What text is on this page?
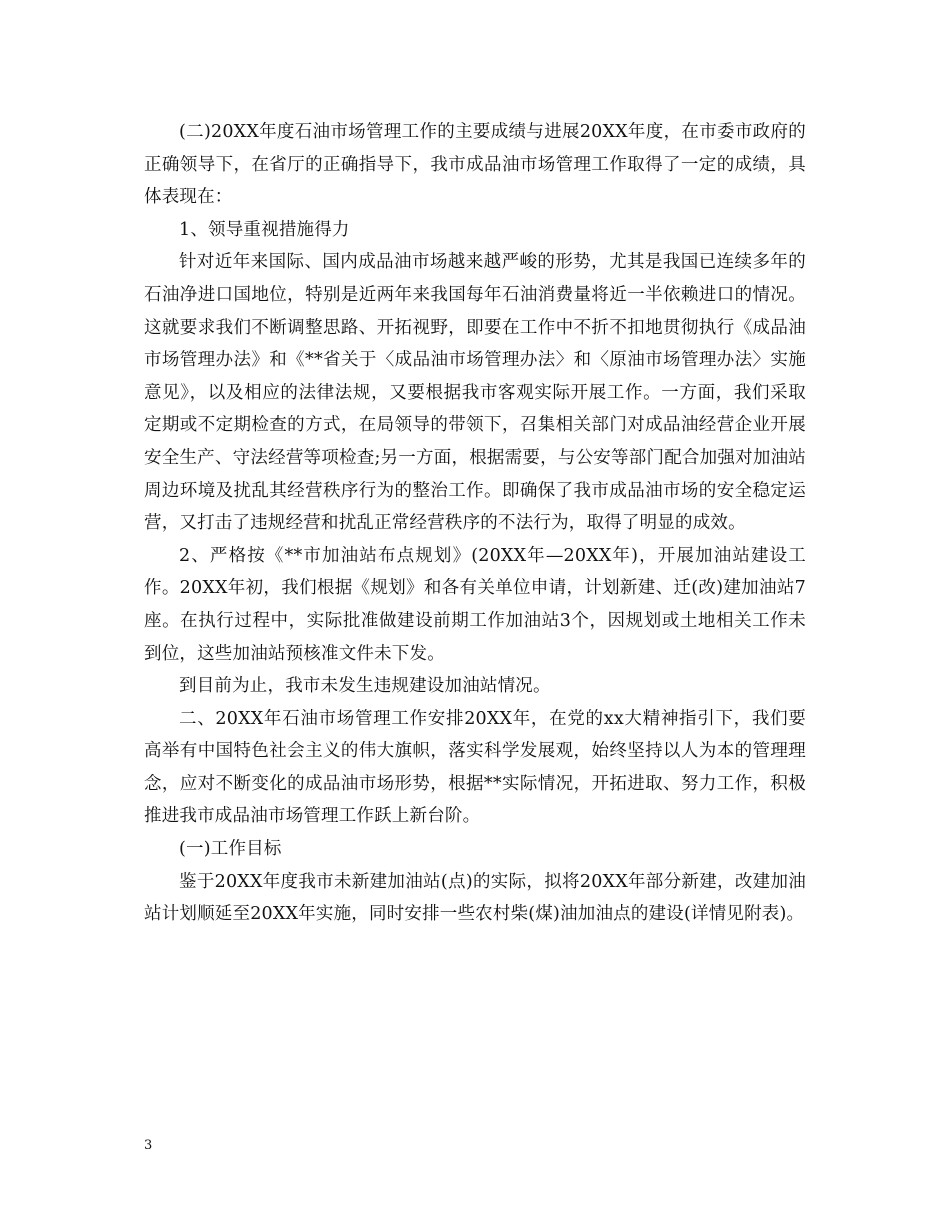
(二)20XX年度石油市场管理工作的主要成绩与进展20XX年度，在市委市政府的正确领导下，在省厅的正确指导下，我市成品油市场管理工作取得了一定的成绩，具体表现在：

1、领导重视措施得力

针对近年来国际、国内成品油市场越来越严峻的形势，尤其是我国已连续多年的石油净进口国地位，特别是近两年来我国每年石油消费量将近一半依赖进口的情况。这就要求我们不断调整思路、开拓视野，即要在工作中不折不扣地贯彻执行《成品油市场管理办法》和《**省关于〈成品油市场管理办法〉和〈原油市场管理办法〉实施意见》，以及相应的法律法规，又要根据我市客观实际开展工作。一方面，我们采取定期或不定期检查的方式，在局领导的带领下，召集相关部门对成品油经营企业开展安全生产、守法经营等项检查;另一方面，根据需要，与公安等部门配合加强对加油站周边环境及扰乱其经营秩序行为的整治工作。即确保了我市成品油市场的安全稳定运营，又打击了违规经营和扰乱正常经营秩序的不法行为，取得了明显的成效。

2、严格按《**市加油站布点规划》(20XX年—20XX年)，开展加油站建设工作。20XX年初，我们根据《规划》和各有关单位申请，计划新建、迁(改)建加油站7座。在执行过程中，实际批准做建设前期工作加油站3个，因规划或土地相关工作未到位，这些加油站预核准文件未下发。

到目前为止，我市未发生违规建设加油站情况。

二、20XX年石油市场管理工作安排20XX年，在党的xx大精神指引下，我们要高举有中国特色社会主义的伟大旗帜，落实科学发展观，始终坚持以人为本的管理理念，应对不断变化的成品油市场形势，根据**实际情况，开拓进取、努力工作，积极推进我市成品油市场管理工作跃上新台阶。

(一)工作目标

鉴于20XX年度我市未新建加油站(点)的实际，拟将20XX年部分新建，改建加油站计划顺延至20XX年实施，同时安排一些农村柴(煤)油加油点的建设(详情见附表)。

3
